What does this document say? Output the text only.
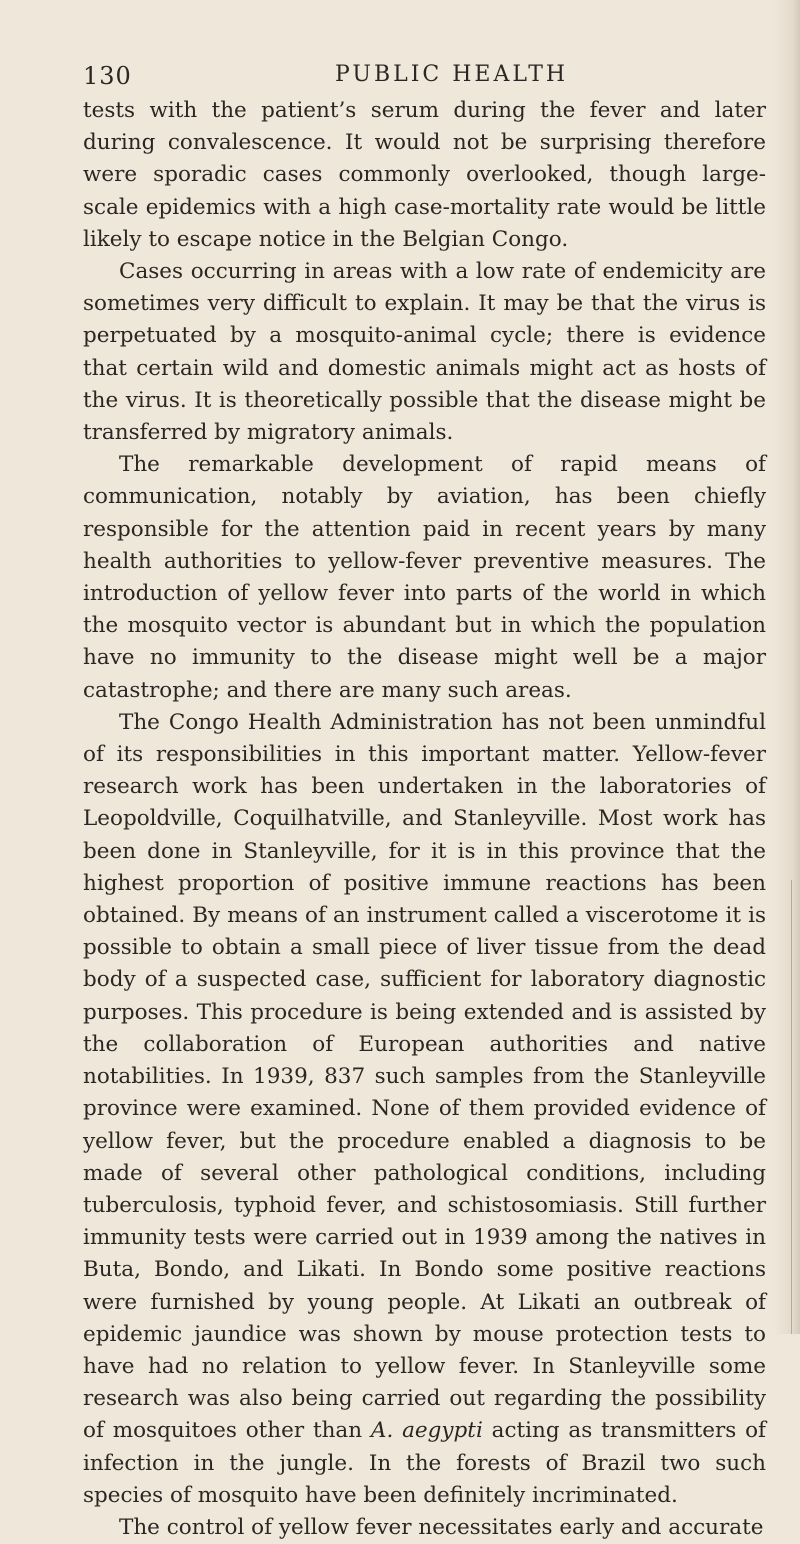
130	PUBLIC HEALTH

tests with the patient’s serum during the fever and later during convalescence. It would not be surprising therefore were sporadic cases commonly overlooked, though large-scale epidemics with a high case-mortality rate would be little likely to escape notice in the Belgian Congo.

Cases occurring in areas with a low rate of endemicity are sometimes very difficult to explain. It may be that the virus is perpetuated by a mosquito-animal cycle; there is evidence that certain wild and domestic animals might act as hosts of the virus. It is theoretically possible that the disease might be transferred by migratory animals.

The remarkable development of rapid means of communication, notably by aviation, has been chiefly responsible for the attention paid in recent years by many health authorities to yellow-fever preventive measures. The introduction of yellow fever into parts of the world in which the mosquito vector is abundant but in which the population have no immunity to the disease might well be a major catastrophe; and there are many such areas.

The Congo Health Administration has not been unmindful of its responsibilities in this important matter. Yellow-fever research work has been undertaken in the laboratories of Leopoldville, Coquilhatville, and Stanleyville. Most work has been done in Stanleyville, for it is in this province that the highest proportion of positive immune reactions has been obtained. By means of an instrument called a viscerotome it is possible to obtain a small piece of liver tissue from the dead body of a suspected case, sufficient for laboratory diagnostic purposes. This procedure is being extended and is assisted by the collaboration of European authorities and native notabilities. In 1939, 837 such samples from the Stanleyville province were examined. None of them provided evidence of yellow fever, but the procedure enabled a diagnosis to be made of several other pathological conditions, including tuberculosis, typhoid fever, and schistosomiasis. Still further immunity tests were carried out in 1939 among the natives in Buta, Bondo, and Likati. In Bondo some positive reactions were furnished by young people. At Likati an outbreak of epidemic jaundice was shown by mouse protection tests to have had no relation to yellow fever. In Stanleyville some research was also being carried out regarding the possibility of mosquitoes other than A. aegypti acting as transmitters of infection in the jungle. In the forests of Brazil two such species of mosquito have been definitely incriminated.

The control of yellow fever necessitates early and accurate
